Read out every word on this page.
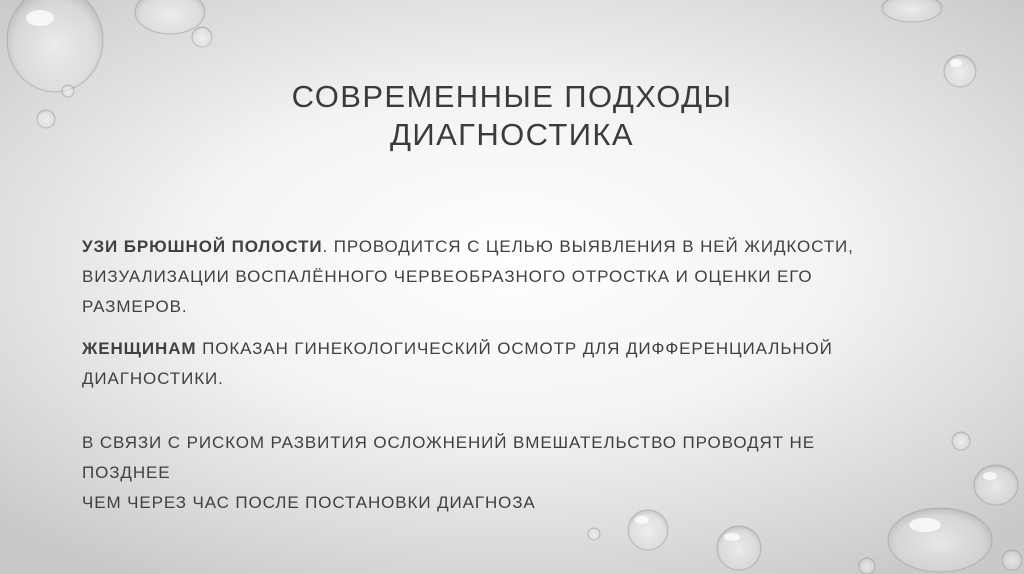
СОВРЕМЕННЫЕ ПОДХОДЫ
ДИАГНОСТИКА
УЗИ БРЮШНОЙ ПОЛОСТИ. ПРОВОДИТСЯ С ЦЕЛЬЮ ВЫЯВЛЕНИЯ В НЕЙ ЖИДКОСТИ,
ВИЗУАЛИЗАЦИИ ВОСПАЛЁННОГО ЧЕРВЕОБРАЗНОГО ОТРОСТКА И ОЦЕНКИ ЕГО РАЗМЕРОВ.
ЖЕНЩИНАМ ПОКАЗАН ГИНЕКОЛОГИЧЕСКИЙ ОСМОТР ДЛЯ ДИФФЕРЕНЦИАЛЬНОЙ
ДИАГНОСТИКИ.
В СВЯЗИ С РИСКОМ РАЗВИТИЯ ОСЛОЖНЕНИЙ ВМЕШАТЕЛЬСТВО ПРОВОДЯТ НЕ ПОЗДНЕЕ
ЧЕМ ЧЕРЕЗ ЧАС ПОСЛЕ ПОСТАНОВКИ ДИАГНОЗА
